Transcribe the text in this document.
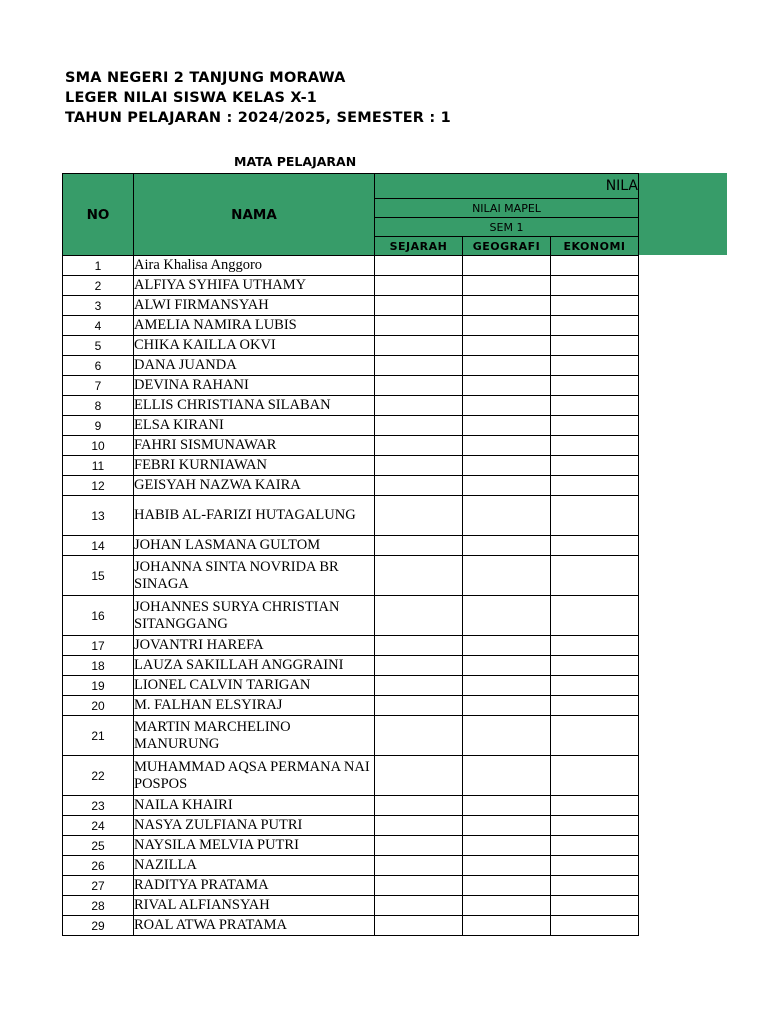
SMA NEGERI 2 TANJUNG MORAWA
LEGER NILAI SISWA KELAS X-1
TAHUN PELAJARAN : 2024/2025, SEMESTER : 1
MATA PELAJARAN
NO	NAMA	NILA		
		NILAI MAPEL		
		SEM 1		
		SEJARAH	GEOGRAFI	EKONOMI
1	Aira Khalisa Anggoro			
2	ALFIYA SYHIFA UTHAMY			
3	ALWI FIRMANSYAH			
4	AMELIA NAMIRA LUBIS			
5	CHIKA KAILLA OKVI			
6	DANA JUANDA			
7	DEVINA RAHANI			
8	ELLIS CHRISTIANA SILABAN			
9	ELSA KIRANI			
10	FAHRI SISMUNAWAR			
11	FEBRI KURNIAWAN			
12	GEISYAH NAZWA KAIRA			
13	HABIB AL-FARIZI HUTAGALUNG			
14	JOHAN LASMANA GULTOM			
15	JOHANNA SINTA NOVRIDA BR SINAGA			
16	JOHANNES SURYA CHRISTIAN SITANGGANG			
17	JOVANTRI HAREFA			
18	LAUZA SAKILLAH ANGGRAINI			
19	LIONEL CALVIN TARIGAN			
20	M. FALHAN ELSYIRAJ			
21	MARTIN MARCHELINO MANURUNG			
22	MUHAMMAD AQSA PERMANA NAI POSPOS			
23	NAILA KHAIRI			
24	NASYA ZULFIANA PUTRI			
25	NAYSILA MELVIA PUTRI			
26	NAZILLA			
27	RADITYA PRATAMA			
28	RIVAL ALFIANSYAH			
29	ROAL ATWA PRATAMA			
